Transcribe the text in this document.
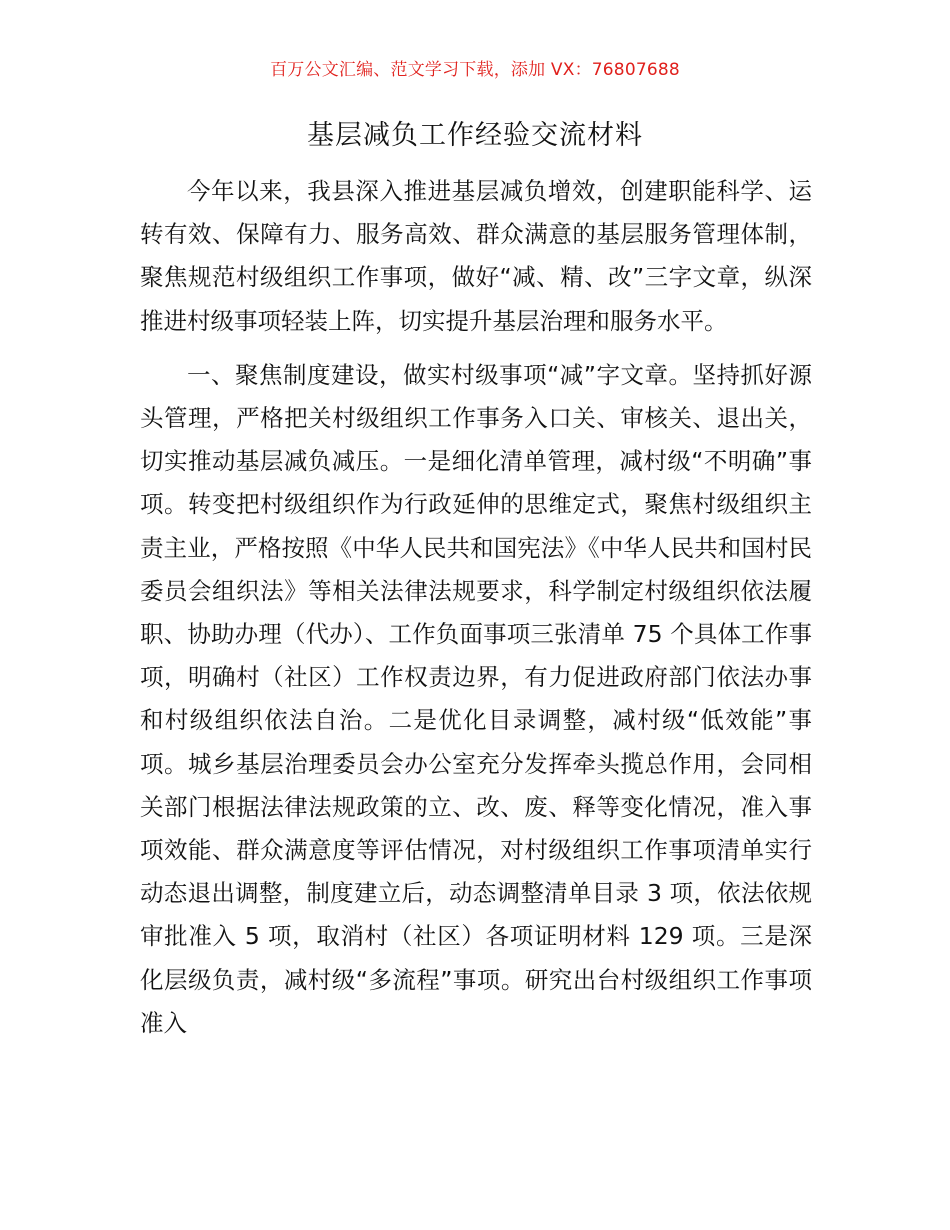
百万公文汇编、范文学习下载，添加 VX：76807688
基层减负工作经验交流材料

今年以来，我县深入推进基层减负增效，创建职能科学、运转有效、保障有力、服务高效、群众满意的基层服务管理体制，聚焦规范村级组织工作事项，做好“减、精、改”三字文章，纵深推进村级事项轻装上阵，切实提升基层治理和服务水平。

一、聚焦制度建设，做实村级事项“减”字文章。坚持抓好源头管理，严格把关村级组织工作事务入口关、审核关、退出关，切实推动基层减负减压。一是细化清单管理，减村级“不明确”事项。转变把村级组织作为行政延伸的思维定式，聚焦村级组织主责主业，严格按照《中华人民共和国宪法》《中华人民共和国村民委员会组织法》等相关法律法规要求，科学制定村级组织依法履职、协助办理（代办）、工作负面事项三张清单 75 个具体工作事项，明确村（社区）工作权责边界，有力促进政府部门依法办事和村级组织依法自治。二是优化目录调整，减村级“低效能”事项。城乡基层治理委员会办公室充分发挥牵头揽总作用，会同相关部门根据法律法规政策的立、改、废、释等变化情况，准入事项效能、群众满意度等评估情况，对村级组织工作事项清单实行动态退出调整，制度建立后，动态调整清单目录 3 项，依法依规审批准入 5 项，取消村（社区）各项证明材料 129 项。三是深化层级负责，减村级“多流程”事项。研究出台村级组织工作事项准入
